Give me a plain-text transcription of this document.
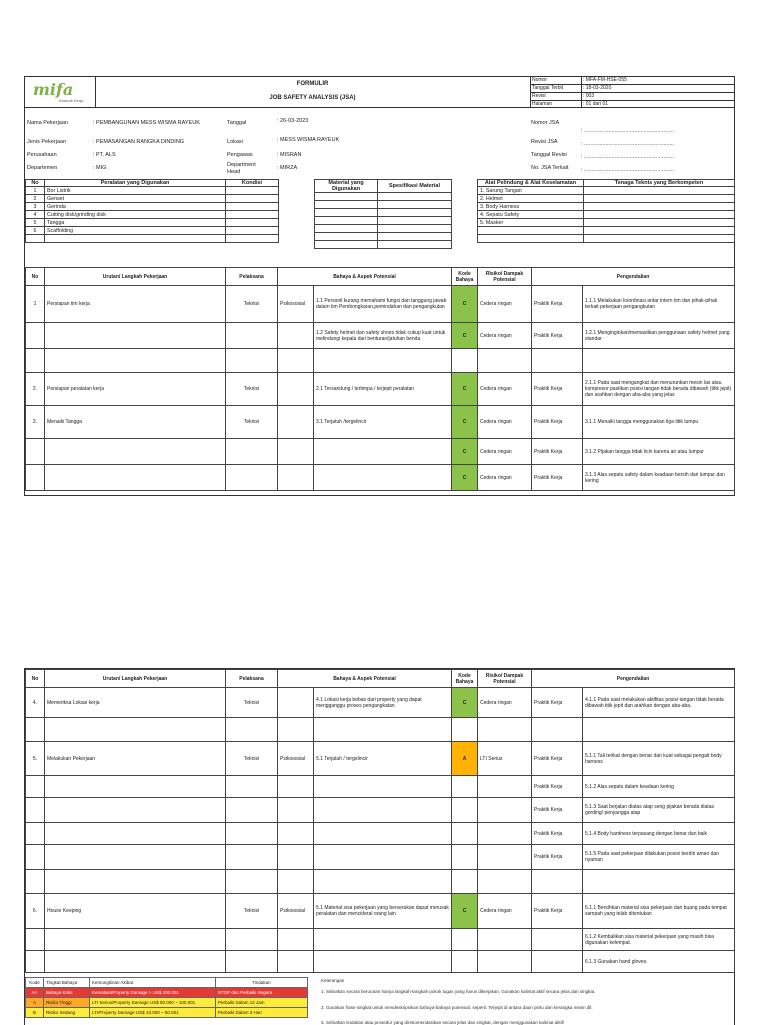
mifa
Kemudi Kerja
FORMULIR
JOB SAFETY ANALYSIS (JSA)
Nomor	: MFA-FM-HSE-055
Tanggal Terbit	: 18-03-2020
Revisi	: 003
Halaman	: 01 dari 01
Nama Pekerjaan	: PEMBANGUNAN MESS WISMA RAYEUK
Jenis Pekerjaan	: PEMASANGAN RANGKA DINDING
Perusahaan	: PT. ALS
Departemen	: MIG
Tanggal	: 26-03-2023
Lokasi	: MESS WISMA RAYEUK
Pengawas	: MISRAN
Department Head
: MIRZA
Nomor JSA
: ...........................................................
Revisi JSA	: ...........................................................
Tanggal Revisi	: ...........................................................
No. JSA Terkait : ...........................................................
No	Peralatan yang Digunakan	Kondisi
1	Bor Listrik	
2	Genset	
3	Gerinda	
4	Cutting disk/grinding disk	
5	Tangga	
6	Scaffolding	

Material yang Digunakan	Spesifikasi Material

		Alat Pelindung & Alat Keselamatan	Tenaga Teknis yang Berkompeten
1. Sarung Tangan	
2. Helmet	
3. Body Harness	
4. Sepatu Safety	
5. Masker	

No	Urutan/ Langkah Pekerjaan	Pelaksana	Bahaya & Aspek Potensial		Kode Bahaya	Risiko/ Dampak Potensial	Pengendalian	
1	Persiapan tim kerja	Teknisi	Psikososial	1.1 Personil kurang memahami fungsi dan tanggung jawab dalam tim Pembongkaran,pemindahan dan pengangkutan	C	Cedera ringan	Praktik Kerja	1.1.1 Melakukan koordinasi antar intern tim dan pihak-pihak terkait pekerjaan pengangkutan
				1.2 Safety helmet dan safety shoes tidak cukup kuat untuk melindungi kepala dari benturan/jatuhan benda	C	Cedera ringan	Praktik Kerja	1.2.1 Menginginkan/memastikan penggunaan safety helmet yang standar

2.	Persiapan peralatan kerja	Teknisi		2.1 Tersandung / tertimpa / terjepit peralatan	C	Cedera ringan	Praktik Kerja	2.1.1 Pada saat mengangkat dan menurunkan mesin las atau kompresor pastikan posisi tangan tidak berada dibawah (titik jepit) dan arahkan dengan aba-aba yang jelas
3.	Menaiki Tangga	Teknisi		3.1 Terjatuh /tergelincir	C	Cedera ringan	Praktik Kerja	3.1.1 Menaiki tangga menggunakan tiga titik tumpu
					C	Cedera ringan	Praktik Kerja	3.1.2 Pijakan tangga tidak licin karena air atau lumpur
					C	Cedera ringan	Praktik Kerja	3.1.3 Alas sepatu safety dalam keadaan bersih dari lumpur dan kering
No	Urutan/ Langkah Pekerjaan	Pelaksana	Bahaya & Aspek Potensial		Kode Bahaya	Risiko/ Dampak Potensial	Pengendalian	
4.	Memeriksa Lokasi kerja	Teknisi		4.1 Lokasi kerja bebas dari property yang dapat mengganggu proses pengangkatan	C	Cedera ringan	Praktik Kerja	4.1.1 Pada saat melakukan aktifitas posisi tangan tidak berada dibawah titik jepit dan arahkan dengan aba-aba.

5.	Melakukan Pekerjaan	Teknisi	Psikososial	5.1 Terjatuh / tergelincir	A	LTI Serius	Praktik Kerja	5.1.1 Tali terikat dengan benar dan kuat sebagai pengait body harness
							Praktik Kerja	5.1.2 Alas sepatu dalam keadaan kering
							Praktik Kerja	5.1.3 Saat berjalan diatas atap seng pijakan berada diatas gording/ penyangga atap
							Praktik Kerja	5.1.4 Body hardness terpasang dengan benar dan baik
							Praktik Kerja	5.1.5 Pada saat pekerjaan dilakukan posisi berdiri aman dan nyaman

6.	House Keeping	Teknisi	Psikososial	5.1 Material sisa pekerjaan yang berserakan dapat merusak peralatan dan mencideral orang lain	C	Cedera ringan	Praktik Kerja	6.1.1 Bersihkan material sisa pekerjaan dan buang pada tempat sampah yang telah ditentukan
								6.1.2 Kembalikan sisa material pekerjaan yang masih bisa digunakan kelempat.
								6.1.3 Gunakan hand gloves.
Kode	Tingkat Bahaya	Kemungkinan Akibat	Tindakan
AA	Bahaya Kritis	Kematian/Property Damage > US$ 100.001	STOP dan Perbaiki Segera
A	Risiko Tinggi	LTI Serius/Property Damage US$ 50.000 ~ 100.001	Perbaiki Dalam 12 Jam
B	Risiko Sedang	LTI/Property Damage US$ 10.000 ~ 50.001	Perbaiki Dalam 3 Hari
Keterangan
1. Sebutkan secara berurutan hanya langkah-langkah pokok tugas yang harus dikerjakan. Gunakan kalimat aktif secara jelas dan singkat.
2. Gunakan frase singkat untuk mendeskripsikan bahaya-bahaya potensial, seperti: Terjepit di antara daun pintu dan kerangka mesin dll.
3. Sebutkan tindakan atau prosedur yang direkomendasikan secara jelas dan singkat, dengan menggunakan kalimat aktif!
